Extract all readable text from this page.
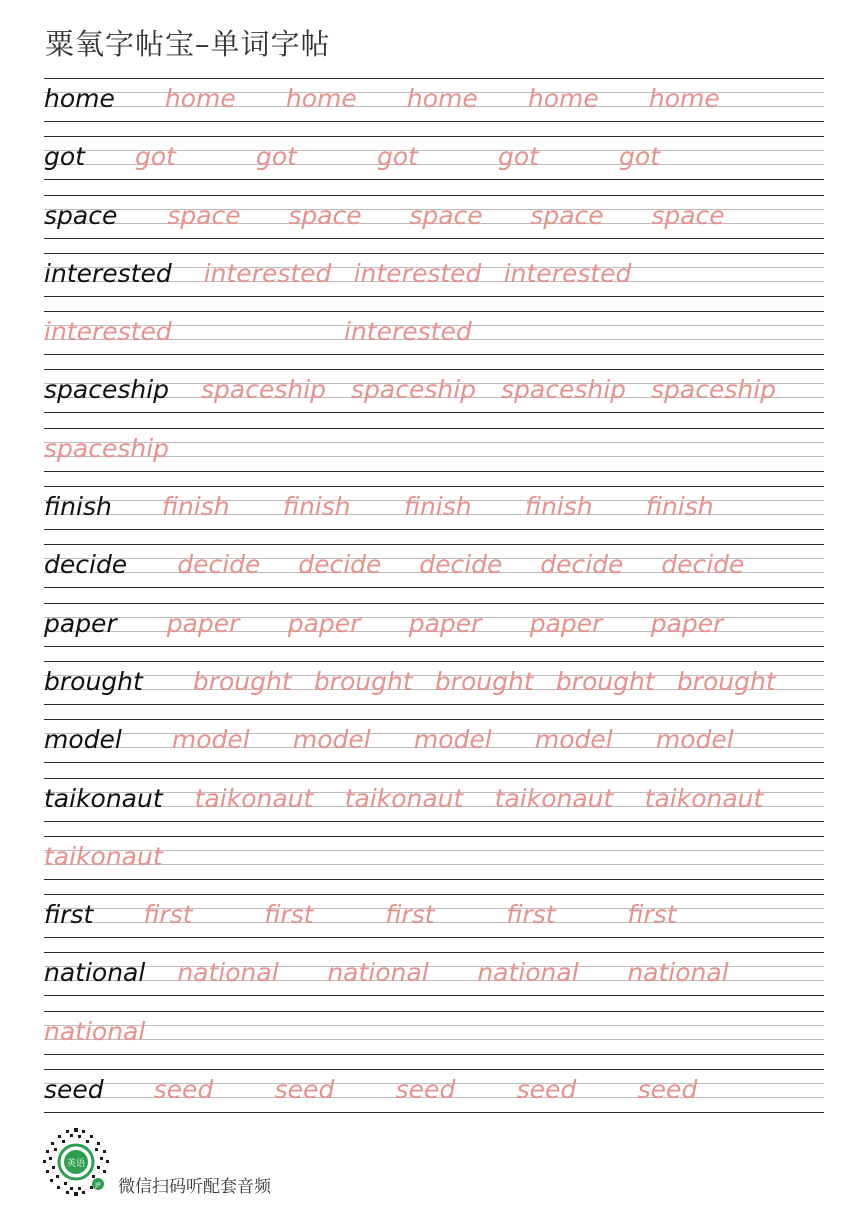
粟氧字帖宝–单词字帖
home home	home	home	home	home
got got	got	got	got	got
space space	space	space	space	space
interested interested interested interested
interested	interested
spaceship spaceship spaceship spaceship spaceship
spaceship
finish finish	finish	finish	finish	finish
decide decide	decide	decide	decide	decide
paper paper	paper	paper	paper	paper
brought brought brought brought brought brought
model model	model	model	model	model
taikonaut taikonaut	taikonaut	taikonaut	taikonaut
taikonaut
first first	first	first	first	first
national national	national	national	national
national
seed seed	seed	seed	seed	seed
英语
JP 微信扫码听配套音频
